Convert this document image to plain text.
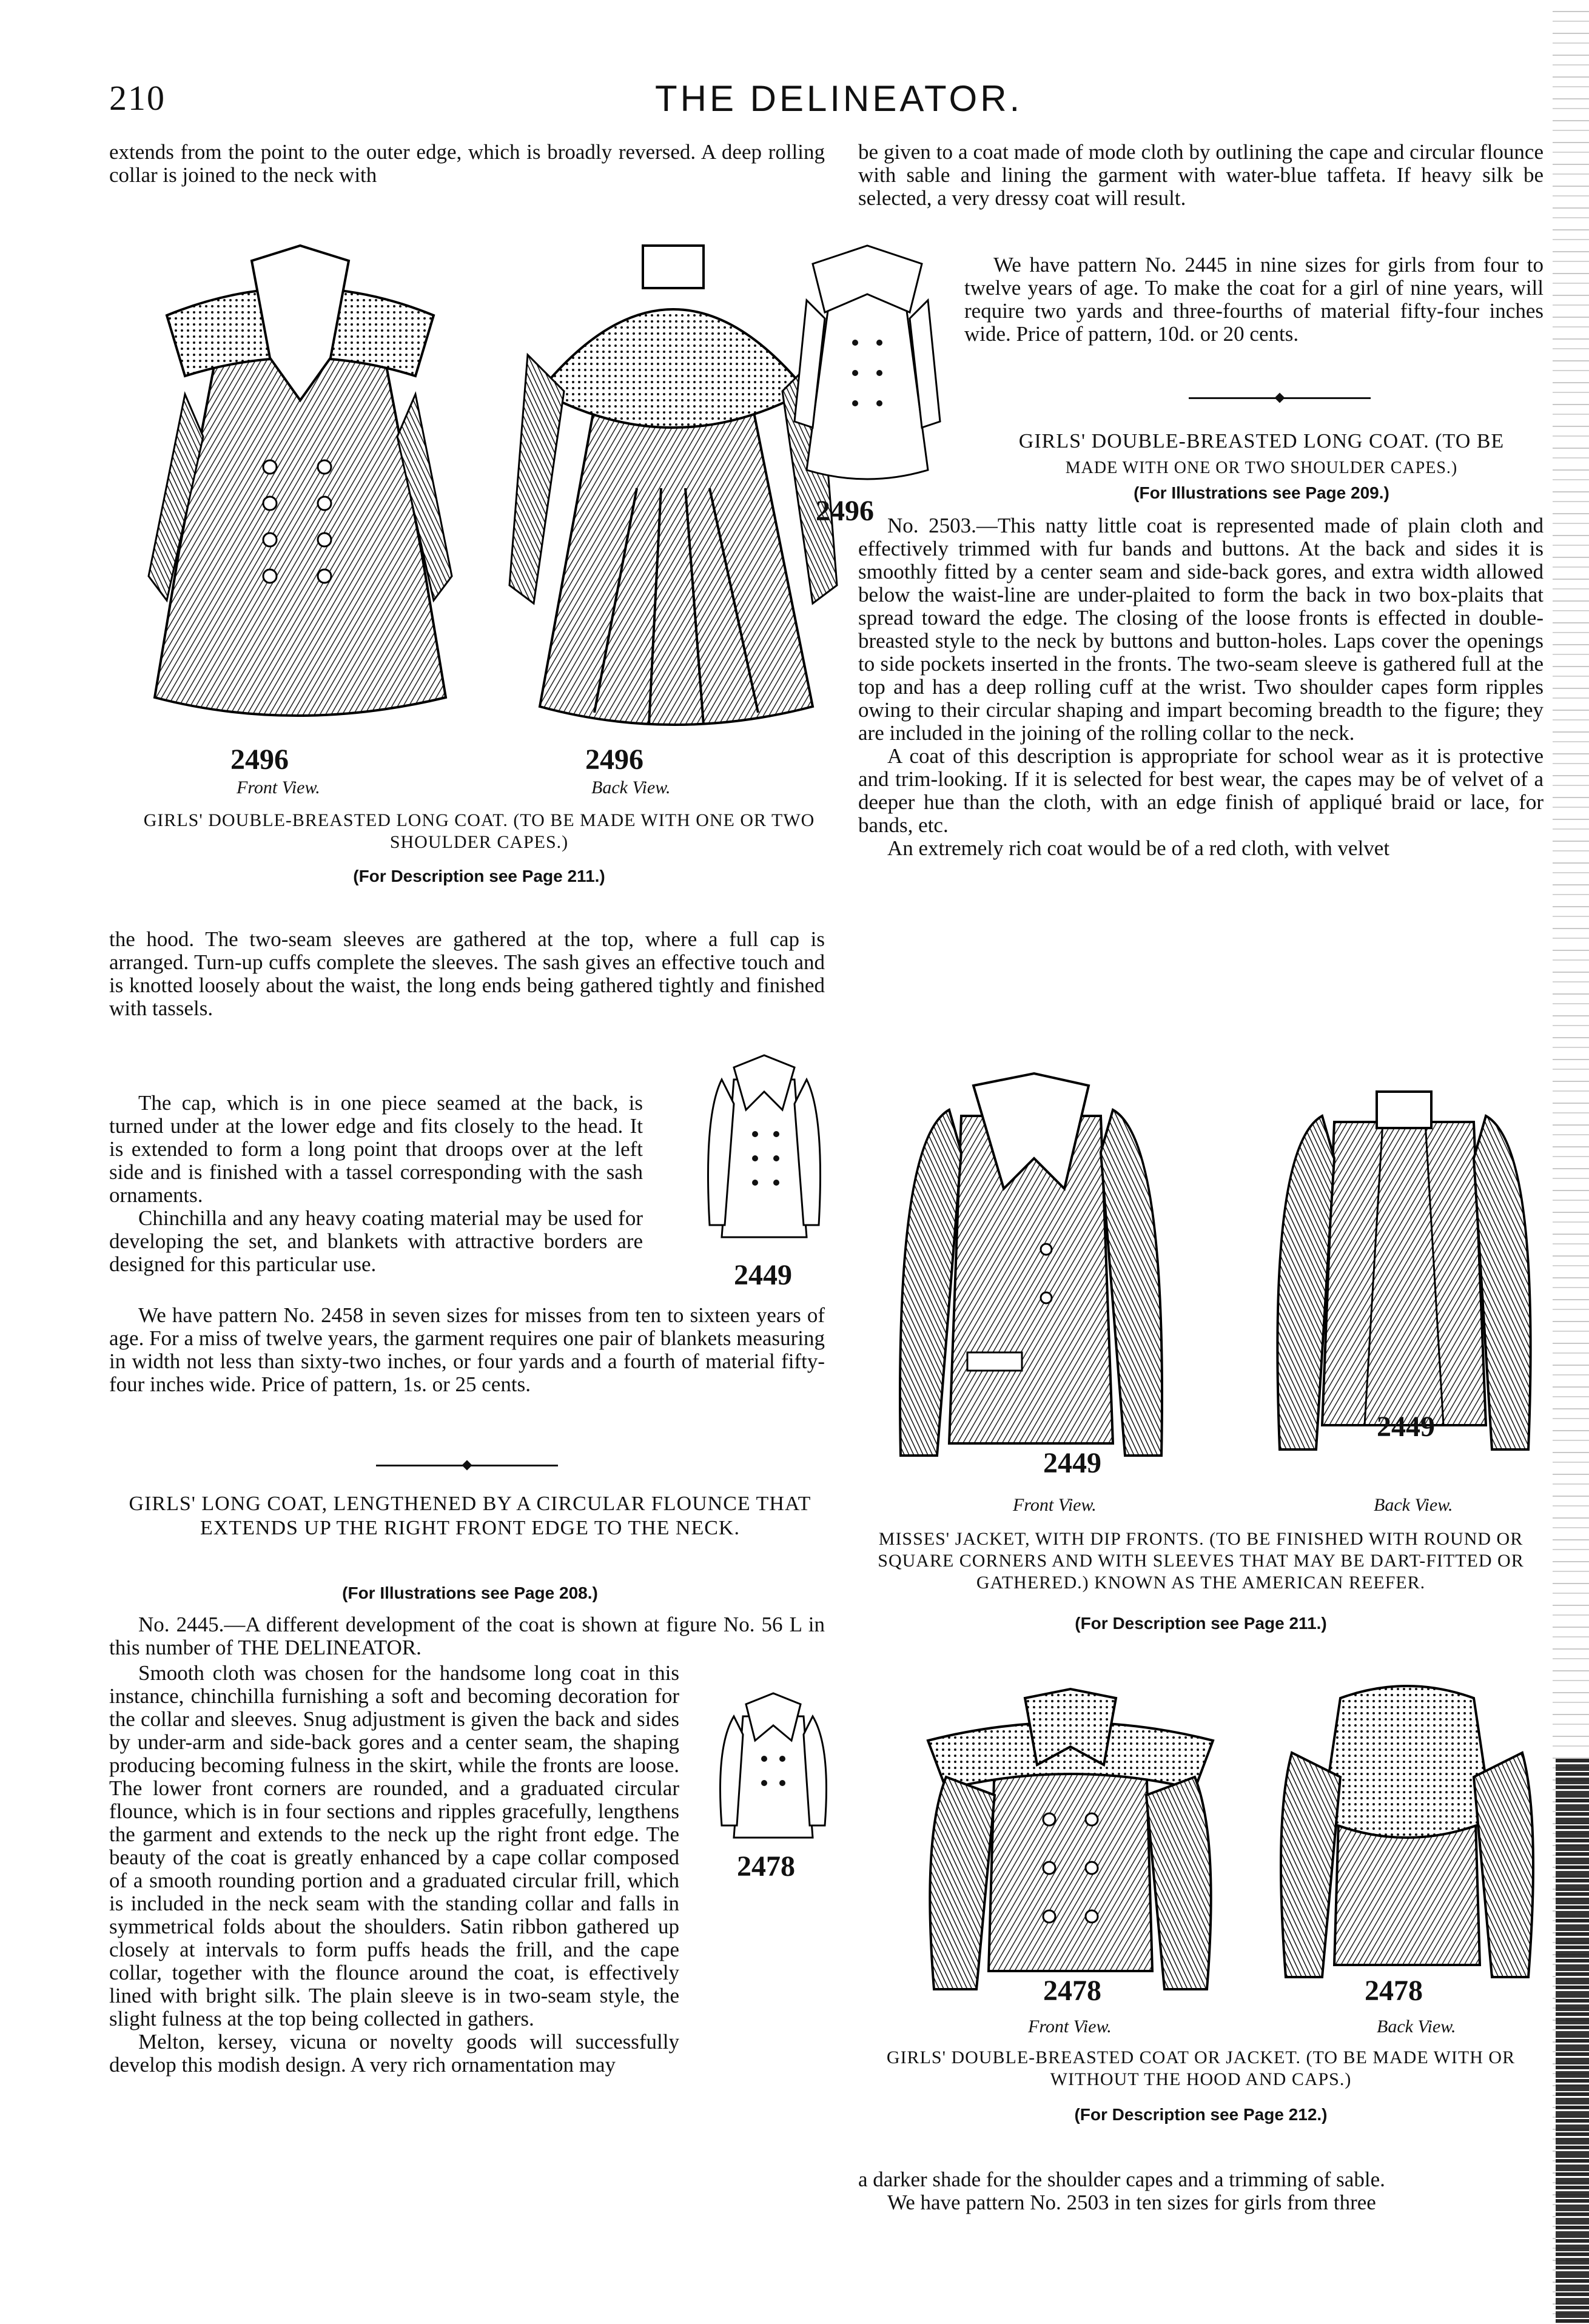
210	THE DELINEATOR.

extends from the point to the outer edge, which is broadly reversed. A deep rolling collar is joined to the neck with

2496
Front View.
2496
Back View.
2496
GIRLS' DOUBLE-BREASTED LONG COAT. (TO BE MADE WITH ONE OR TWO SHOULDER CAPES.)
(For Description see Page 211.)

the hood. The two-seam sleeves are gathered at the top, where a full cap is arranged. Turn-up cuffs complete the sleeves. The sash gives an effective touch and is knotted loosely about the waist, the long ends being gathered tightly and finished with tassels.

The cap, which is in one piece seamed at the back, is turned under at the lower edge and fits closely to the head. It is extended to form a long point that droops over at the left side and is finished with a tassel corresponding with the sash ornaments.

Chinchilla and any heavy coating material may be used for developing the set, and blankets with attractive borders are designed for this particular use.	2449

We have pattern No. 2458 in seven sizes for misses from ten to sixteen years of age. For a miss of twelve years, the garment requires one pair of blankets measuring in width not less than sixty-two inches, or four yards and a fourth of material fifty-four inches wide. Price of pattern, 1s. or 25 cents.

GIRLS' LONG COAT, LENGTHENED BY A CIRCULAR FLOUNCE THAT EXTENDS UP THE RIGHT FRONT EDGE TO THE NECK.
(For Illustrations see Page 208.)

No. 2445.—A different development of the coat is shown at figure No. 56 L in this number of THE DELINEATOR.

Smooth cloth was chosen for the handsome long coat in this instance, chinchilla furnishing a soft and becoming decoration for the collar and sleeves. Snug adjustment is given the back and sides by under-arm and side-back gores and a center seam, the shaping producing becoming fulness in the skirt, while the fronts are loose. The lower front corners are rounded, and a graduated circular flounce, which is in four sections and ripples gracefully, lengthens the garment and extends to the neck up the right front edge. The beauty of the coat is greatly enhanced by a cape collar composed of a smooth rounding portion and a graduated circular frill, which is included in the neck seam with the standing collar and falls in symmetrical folds about the shoulders. Satin ribbon gathered up closely at intervals to form puffs heads the frill, and the cape collar, together with the flounce around the coat, is effectively lined with bright silk. The plain sleeve is in two-seam style, the slight fulness at the top being collected in gathers.

Melton, kersey, vicuna or novelty goods will successfully develop this modish design. A very rich ornamentation may

2478

be given to a coat made of mode cloth by outlining the cape and circular flounce with sable and lining the garment with water-blue taffeta. If heavy silk be selected, a very dressy coat will result.

We have pattern No. 2445 in nine sizes for girls from four to twelve years of age. To make the coat for a girl of nine years, will require two yards and three-fourths of material fifty-four inches wide. Price of pattern, 10d. or 20 cents.

GIRLS' DOUBLE-BREASTED LONG COAT. (TO BE
MADE WITH ONE OR TWO SHOULDER CAPES.)
(For Illustrations see Page 209.)

No. 2503.—This natty little coat is represented made of plain cloth and effectively trimmed with fur bands and buttons. At the back and sides it is smoothly fitted by a center seam and side-back gores, and extra width allowed below the waist-line are under-plaited to form the back in two box-plaits that spread toward the edge. The closing of the loose fronts is effected in double-breasted style to the neck by buttons and button-holes. Laps cover the openings to side pockets inserted in the fronts. The two-seam sleeve is gathered full at the top and has a deep rolling cuff at the wrist. Two shoulder capes form ripples owing to their circular shaping and impart becoming breadth to the figure; they are included in the joining of the rolling collar to the neck.

A coat of this description is appropriate for school wear as it is protective and trim-looking. If it is selected for best wear, the capes may be of velvet of a deeper hue than the cloth, with an edge finish of appliqué braid or lace, for bands, etc.

An extremely rich coat would be of a red cloth, with velvet

2449
Front View.
2449
Back View.
MISSES' JACKET, WITH DIP FRONTS. (TO BE FINISHED WITH ROUND OR SQUARE CORNERS AND WITH SLEEVES THAT MAY BE DART-FITTED OR GATHERED.) KNOWN AS THE AMERICAN REEFER.
(For Description see Page 211.)
2478
Front View.
2478
Back View.
GIRLS' DOUBLE-BREASTED COAT OR JACKET. (TO BE MADE WITH OR WITHOUT THE HOOD AND CAPS.)
(For Description see Page 212.)

a darker shade for the shoulder capes and a trimming of sable.

We have pattern No. 2503 in ten sizes for girls from three
